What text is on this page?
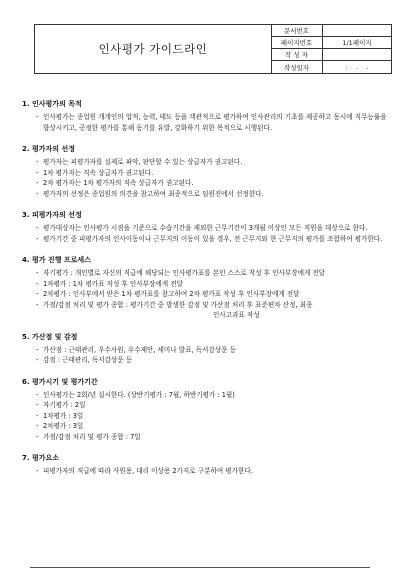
인사평가 가이드라인
문서번호
페이지번호	1/1페이지
작 성 자
작성일자	.    .    .
1. 인사평가의 목적
- 인사평가는 종업원 개개인의 업적, 능력, 태도 등을 객관적으로 평가하여 인사관리의 기초를 제공하고 동시에 직무능률을 향상시키고, 공정한 평가를 통해 동기를 유발, 강화하기 위한 목적으로 시행된다.
2. 평가자의 선정
- 평가자는 피평가자를 실제로 파악, 판단할 수 있는 상급자가 권고된다.
- 1차 평가자는 직속 상급자가 권고된다.
- 2차 평가자는 1차 평가자의 직속 상급자가 권고된다.
- 평가자의 선정은 종업원의 의견을 참고하여 최종적으로 임원진에서 선정한다.
3. 피평가자의 선정
- 평가대상자는 인사평가 시점을 기준으로 수습기간을 제외한 근무기간이 3개월 이상인 모든 직원을 대상으로 한다.
- 평가기간 중 피평가자의 인사이동이나 근무지의 이동이 있을 경우, 전 근무지와 현 근무지의 평가를 조합하여 평가한다.
4. 평가 진행 프로세스
- 자기평가 : 개인별로 자신의 직급에 해당되는 인사평가표를 본인 스스로 작성 후 인사부장에게 전달
- 1차평가 : 1차 평가표 작성 후 인사부장에게 전달
- 2차평가 : 인사부에서 받은 1차 평가표를 참고하여 2차 평가표 작성 후 인사부장에게 전달
- 가점/감점 처리 및 평가 종합 : 평가기간 중 발생한 감점 및 가산점 처리 후 표준편차 산정, 최종
인사고과표 작성
5. 가산점 및 감점
- 가산점 : 근태관리, 우수사원, 우수제안, 세미나 발표, 독서감상문 등
- 감점 : 근태관리, 독서감상문 등
6. 평가시기 및 평가기간
- 인사평가는 2회/년 실시한다. (상반기평가 : 7월, 하반기평가 : 1월)
- 자기평가 : 2일
- 1차평가 : 3일
- 2차평가 : 3일
- 가점/감점 처리 및 평가 종합 : 7일
7. 평가요소
- 피평가자의 직급에 따라 사원용, 대리 이상용 2가지로 구분하여 평가한다.
